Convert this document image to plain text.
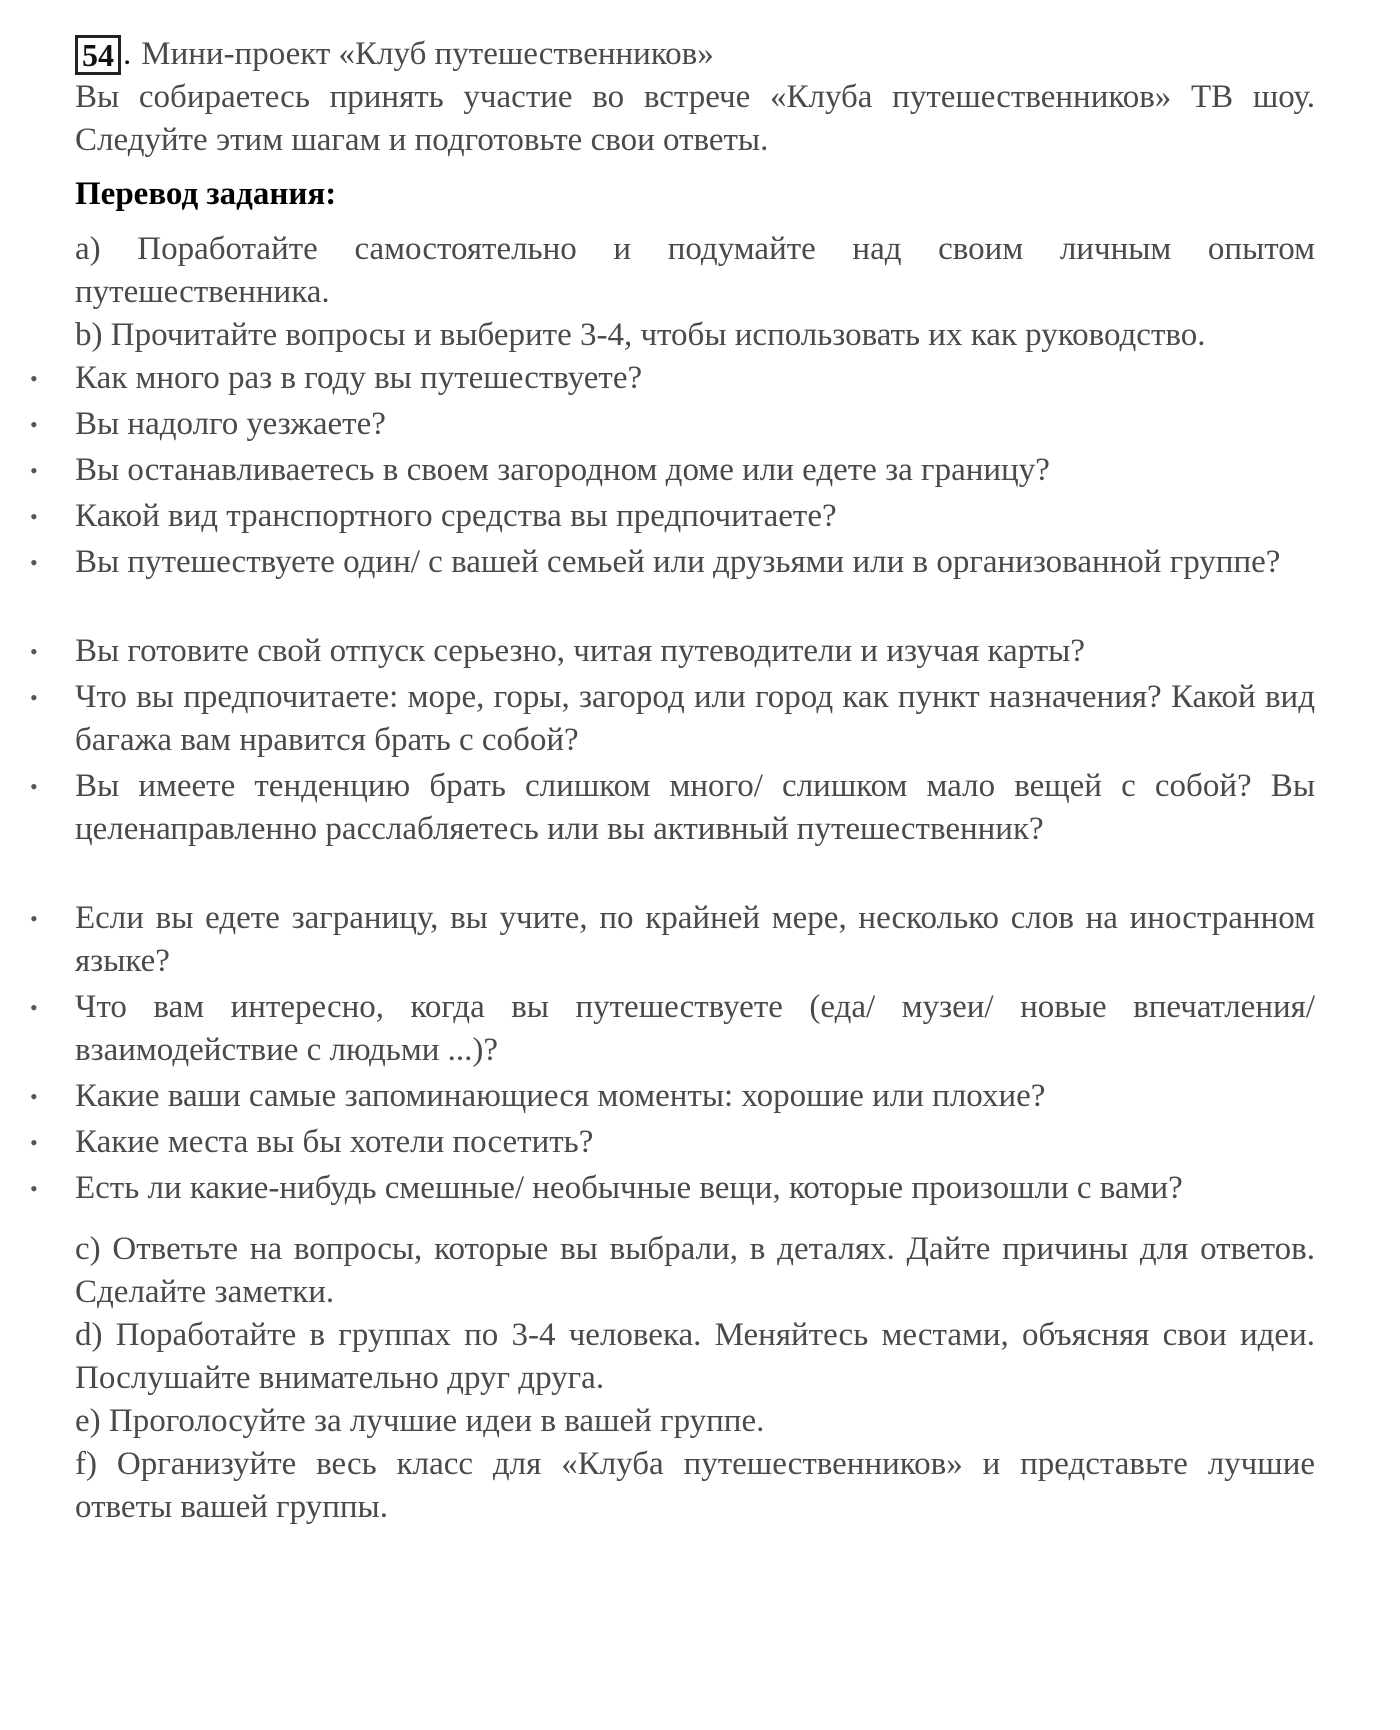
54 . Мини-проект «Клуб путешественников»

Вы собираетесь принять участие во встрече «Клуба путешественников» ТВ шоу. Следуйте этим шагам и подготовьте свои ответы.

Перевод задания:

a) Поработайте самостоятельно и подумайте над своим личным опытом путешественника.

b) Прочитайте вопросы и выберите 3-4, чтобы использовать их как руководство.

•	Как много раз в году вы путешествуете?
•	Вы надолго уезжаете?
•	Вы останавливаетесь в своем загородном доме или едете за границу?
•	Какой вид транспортного средства вы предпочитаете?
•	Вы путешествуете один/ с вашей семьей или друзьями или в организованной группе?
•	Вы готовите свой отпуск серьезно, читая путеводители и изучая карты?
•	Что вы предпочитаете: море, горы, загород или город как пункт назначения? Какой вид багажа вам нравится брать с собой?
•	Вы имеете тенденцию брать слишком много/ слишком мало вещей с собой? Вы целенаправленно расслабляетесь или вы активный путешественник?
•	Если вы едете заграницу, вы учите, по крайней мере, несколько слов на иностранном языке?
•	Что вам интересно, когда вы путешествуете (еда/ музеи/ новые впечатления/ взаимодействие с людьми ...)?
•	Какие ваши самые запоминающиеся моменты: хорошие или плохие?
•	Какие места вы бы хотели посетить?
•	Есть ли какие-нибудь смешные/ необычные вещи, которые произошли с вами?

c) Ответьте на вопросы, которые вы выбрали, в деталях. Дайте причины для ответов. Сделайте заметки.

d) Поработайте в группах по 3-4 человека. Меняйтесь местами, объясняя свои идеи. Послушайте внимательно друг друга.

e) Проголосуйте за лучшие идеи в вашей группе.

f) Организуйте весь класс для «Клуба путешественников» и представьте лучшие ответы вашей группы.
